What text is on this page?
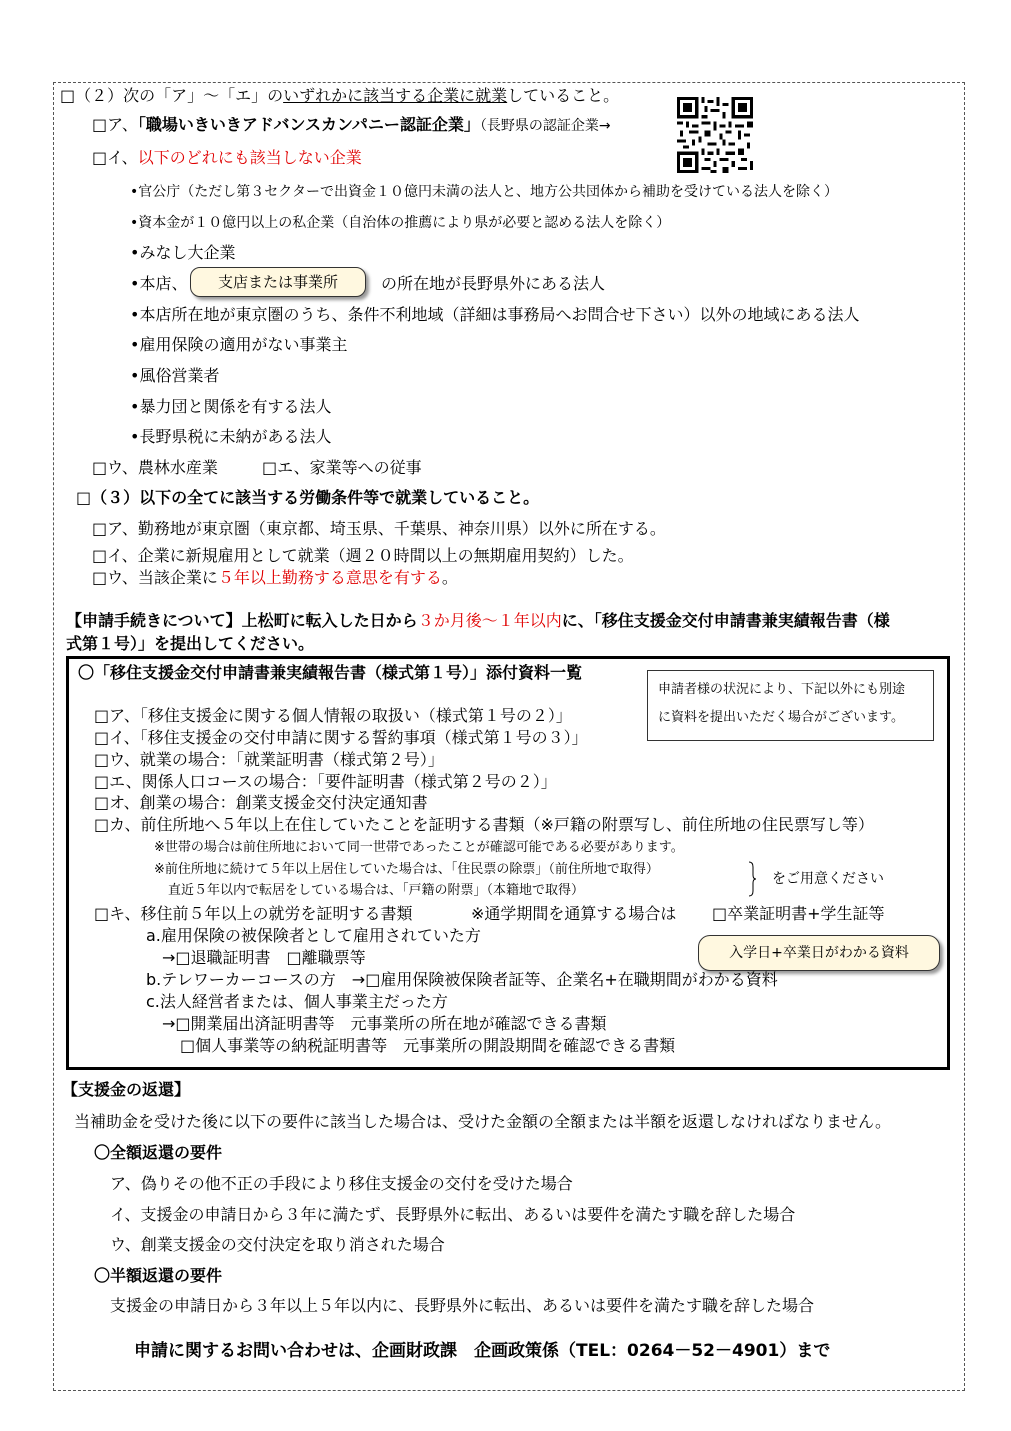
□（２）次の「ア」～「エ」のいずれかに該当する企業に就業していること。
□ア、「職場いきいきアドバンスカンパニー認証企業」（長野県の認証企業→
□イ、以下のどれにも該当しない企業
•官公庁（ただし第３セクターで出資金１０億円未満の法人と、地方公共団体から補助を受けている法人を除く）
•資本金が１０億円以上の私企業（自治体の推薦により県が必要と認める法人を除く）
•みなし大企業
•本店、	支店または事業所	の所在地が長野県外にある法人
•本店所在地が東京圏のうち、条件不利地域（詳細は事務局へお問合せ下さい）以外の地域にある法人
•雇用保険の適用がない事業主
•風俗営業者
•暴力団と関係を有する法人
•長野県税に未納がある法人
□ウ、農林水産業	□エ、家業等への従事
□（３）以下の全てに該当する労働条件等で就業していること。
□ア、勤務地が東京圏（東京都、埼玉県、千葉県、神奈川県）以外に所在する。
□イ、企業に新規雇用として就業（週２０時間以上の無期雇用契約）した。
□ウ、当該企業に５年以上勤務する意思を有する。
【申請手続きについて】上松町に転入した日から３か月後～１年以内に、「移住支援金交付申請書兼実績報告書（様
式第１号）」を提出してください。
〇「移住支援金交付申請書兼実績報告書（様式第１号）」添付資料一覧
申請者様の状況により、下記以外にも別途
に資料を提出いただく場合がございます。
□ア、「移住支援金に関する個人情報の取扱い（様式第１号の２）」
□イ、「移住支援金の交付申請に関する誓約事項（様式第１号の３）」
□ウ、就業の場合：「就業証明書（様式第２号）」
□エ、関係人口コースの場合：「要件証明書（様式第２号の２）」
□オ、創業の場合：創業支援金交付決定通知書
□カ、前住所地へ５年以上在住していたことを証明する書類（※戸籍の附票写し、前住所地の住民票写し等）
※世帯の場合は前住所地において同一世帯であったことが確認可能である必要があります。
※前住所地に続けて５年以上居住していた場合は、「住民票の除票」（前住所地で取得）
直近５年以内で転居をしている場合は、「戸籍の附票」（本籍地で取得）
をご用意ください
□キ、移住前５年以上の就労を証明する書類	※通学期間を通算する場合は □卒業証明書+学生証等
a.雇用保険の被保険者として雇用されていた方
入学日+卒業日がわかる資料
→□退職証明書　□離職票等
b.テレワーカーコースの方　→□雇用保険被保険者証等、企業名+在職期間がわかる資料
c.法人経営者または、個人事業主だった方
→□開業届出済証明書等　元事業所の所在地が確認できる書類
□個人事業等の納税証明書等　元事業所の開設期間を確認できる書類
【支援金の返還】
当補助金を受けた後に以下の要件に該当した場合は、受けた金額の全額または半額を返還しなければなりません。
〇全額返還の要件
ア、偽りその他不正の手段により移住支援金の交付を受けた場合
イ、支援金の申請日から３年に満たず、長野県外に転出、あるいは要件を満たす職を辞した場合
ウ、創業支援金の交付決定を取り消された場合
〇半額返還の要件
支援金の申請日から３年以上５年以内に、長野県外に転出、あるいは要件を満たす職を辞した場合
申請に関するお問い合わせは、企画財政課　企画政策係（TEL：0264－52－4901）まで
